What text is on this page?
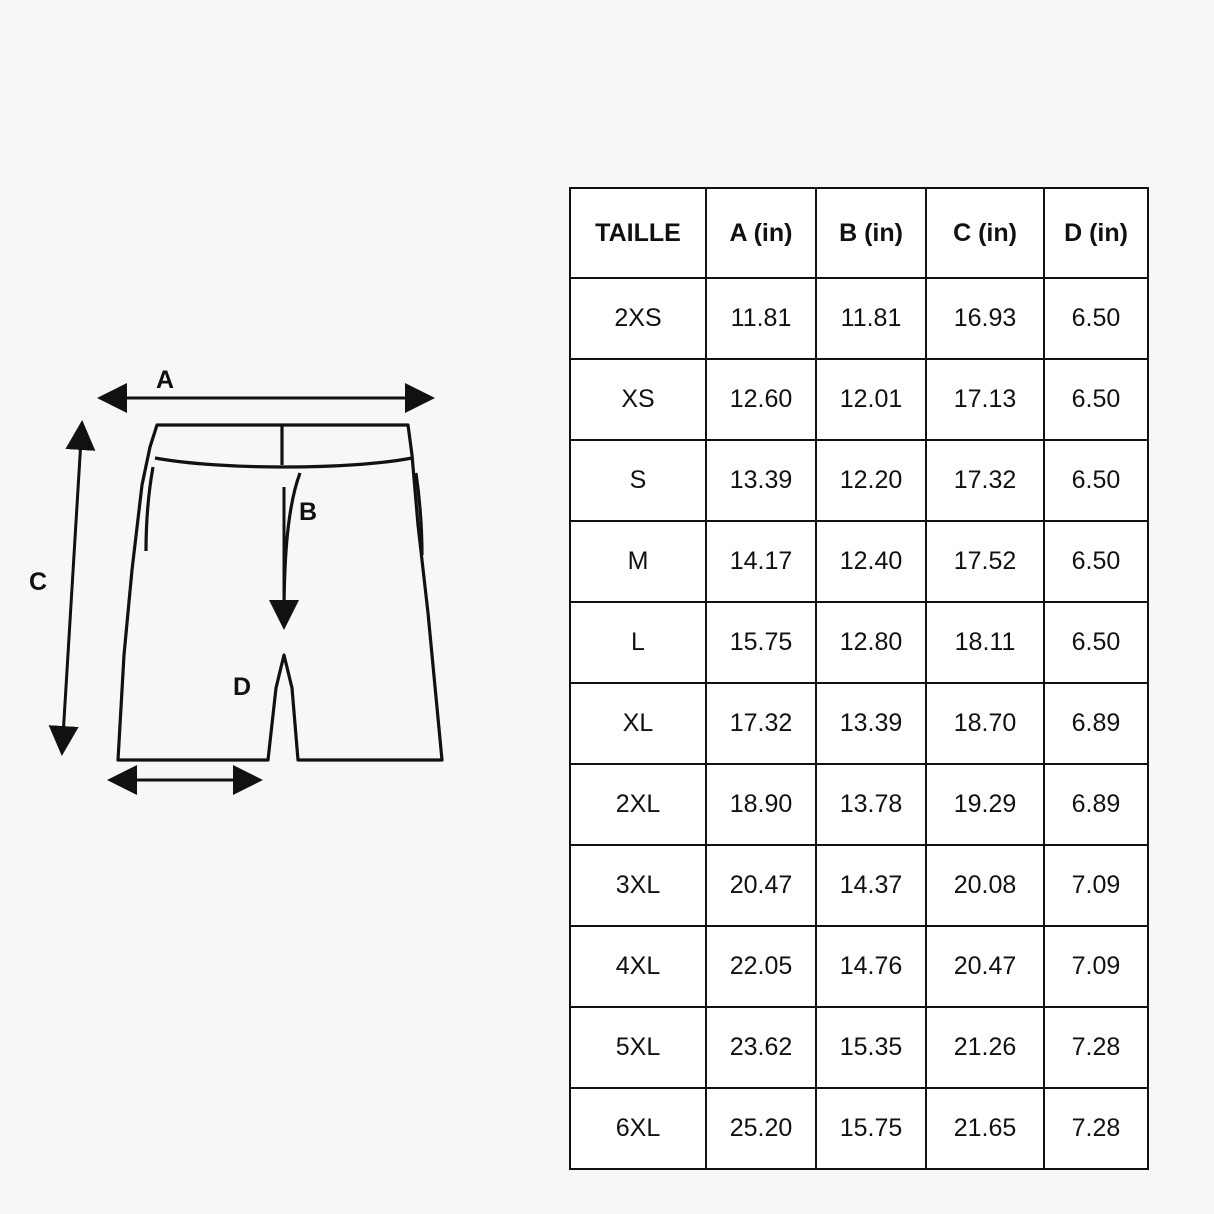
A
C
B
D
TAILLE	A (in)	B (in)	C (in)	D (in)
2XS	11.81	11.81	16.93	6.50
XS	12.60	12.01	17.13	6.50
S	13.39	12.20	17.32	6.50
M	14.17	12.40	17.52	6.50
L	15.75	12.80	18.11	6.50
XL	17.32	13.39	18.70	6.89
2XL	18.90	13.78	19.29	6.89
3XL	20.47	14.37	20.08	7.09
4XL	22.05	14.76	20.47	7.09
5XL	23.62	15.35	21.26	7.28
6XL	25.20	15.75	21.65	7.28
